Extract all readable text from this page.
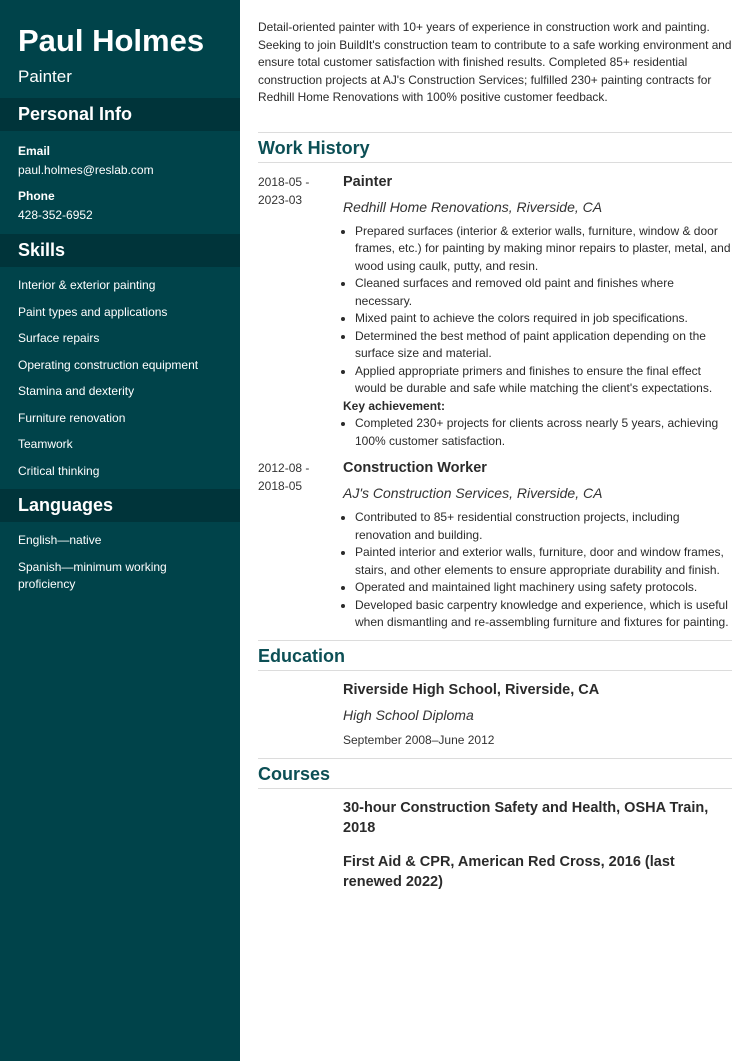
Paul Holmes
Painter
Personal Info
Email
paul.holmes@reslab.com
Phone
428-352-6952
Skills
Interior & exterior painting
Paint types and applications
Surface repairs
Operating construction equipment
Stamina and dexterity
Furniture renovation
Teamwork
Critical thinking
Languages
English—native
Spanish—minimum working proficiency

Detail-oriented painter with 10+ years of experience in construction work and painting. Seeking to join BuildIt's construction team to contribute to a safe working environment and ensure total customer satisfaction with finished results. Completed 85+ residential construction projects at AJ's Construction Services; fulfilled 230+ painting contracts for Redhill Home Renovations with 100% positive customer feedback.

Work History
2018-05 - 2023-03
Painter
Redhill Home Renovations, Riverside, CA
• Prepared surfaces (interior & exterior walls, furniture, window & door frames, etc.) for painting by making minor repairs to plaster, metal, and wood using caulk, putty, and resin.
• Cleaned surfaces and removed old paint and finishes where necessary.
• Mixed paint to achieve the colors required in job specifications.
• Determined the best method of paint application depending on the surface size and material.
• Applied appropriate primers and finishes to ensure the final effect would be durable and safe while matching the client's expectations.
Key achievement:
• Completed 230+ projects for clients across nearly 5 years, achieving 100% customer satisfaction.
2012-08 - 2018-05
Construction Worker
AJ's Construction Services, Riverside, CA
• Contributed to 85+ residential construction projects, including renovation and building.
• Painted interior and exterior walls, furniture, door and window frames, stairs, and other elements to ensure appropriate durability and finish.
• Operated and maintained light machinery using safety protocols.
• Developed basic carpentry knowledge and experience, which is useful when dismantling and re-assembling furniture and fixtures for painting.
Education
Riverside High School, Riverside, CA
High School Diploma
September 2008–June 2012
Courses
30-hour Construction Safety and Health, OSHA Train, 2018
First Aid & CPR, American Red Cross, 2016 (last renewed 2022)
